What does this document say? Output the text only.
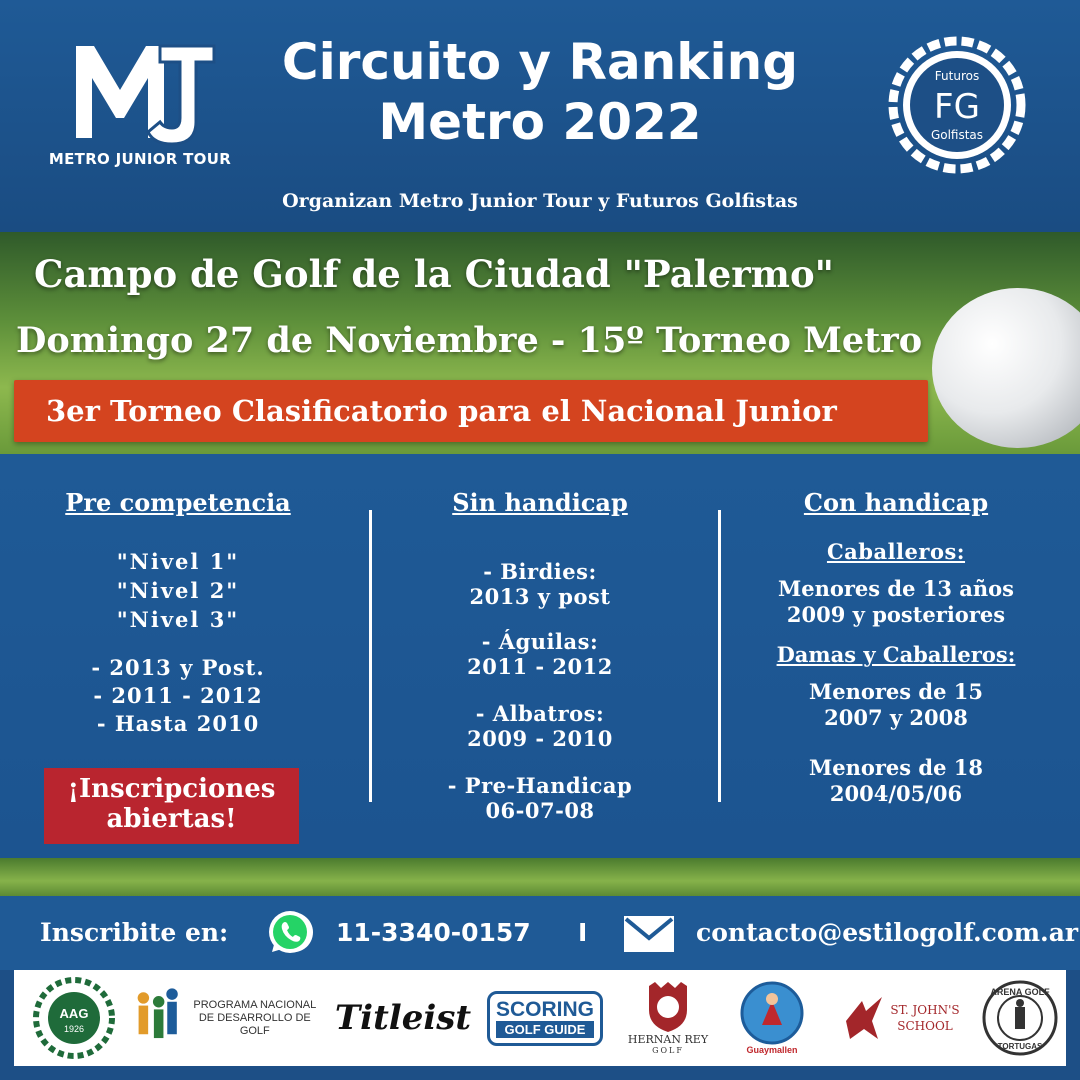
METRO JUNIOR TOUR
Circuito y Ranking
Metro 2022
Organizan Metro Junior Tour y Futuros Golfistas
Futuros
FG
Golfistas
Campo de Golf de la Ciudad "Palermo"
Domingo 27 de Noviembre - 15º Torneo Metro
3er Torneo Clasificatorio para el Nacional Junior
Pre competencia
"Nivel 1"
"Nivel 2"
"Nivel 3"
- 2013 y Post.
- 2011 - 2012
- Hasta 2010
¡Inscripciones
abiertas!
Sin handicap
- Birdies:
2013 y post
- Águilas:
2011 - 2012
- Albatros:
2009 - 2010
- Pre-Handicap
06-07-08
Con handicap
Caballeros:
Menores de 13 años
2009 y posteriores
Damas y Caballeros:
Menores de 15
2007 y 2008
Menores de 18
2004/05/06
Inscribite en:	11-3340-0157 I	contacto@estilogolf.com.ar
AAG
1926
PROGRAMA NACIONAL
DE DESARROLLO DE GOLF	Titleist SCORING
GOLF GUIDE
HERNAN REY
GOLF	Guaymallen
ST. JOHN'S
SCHOOL
ARENA GOLF
TORTUGAS
